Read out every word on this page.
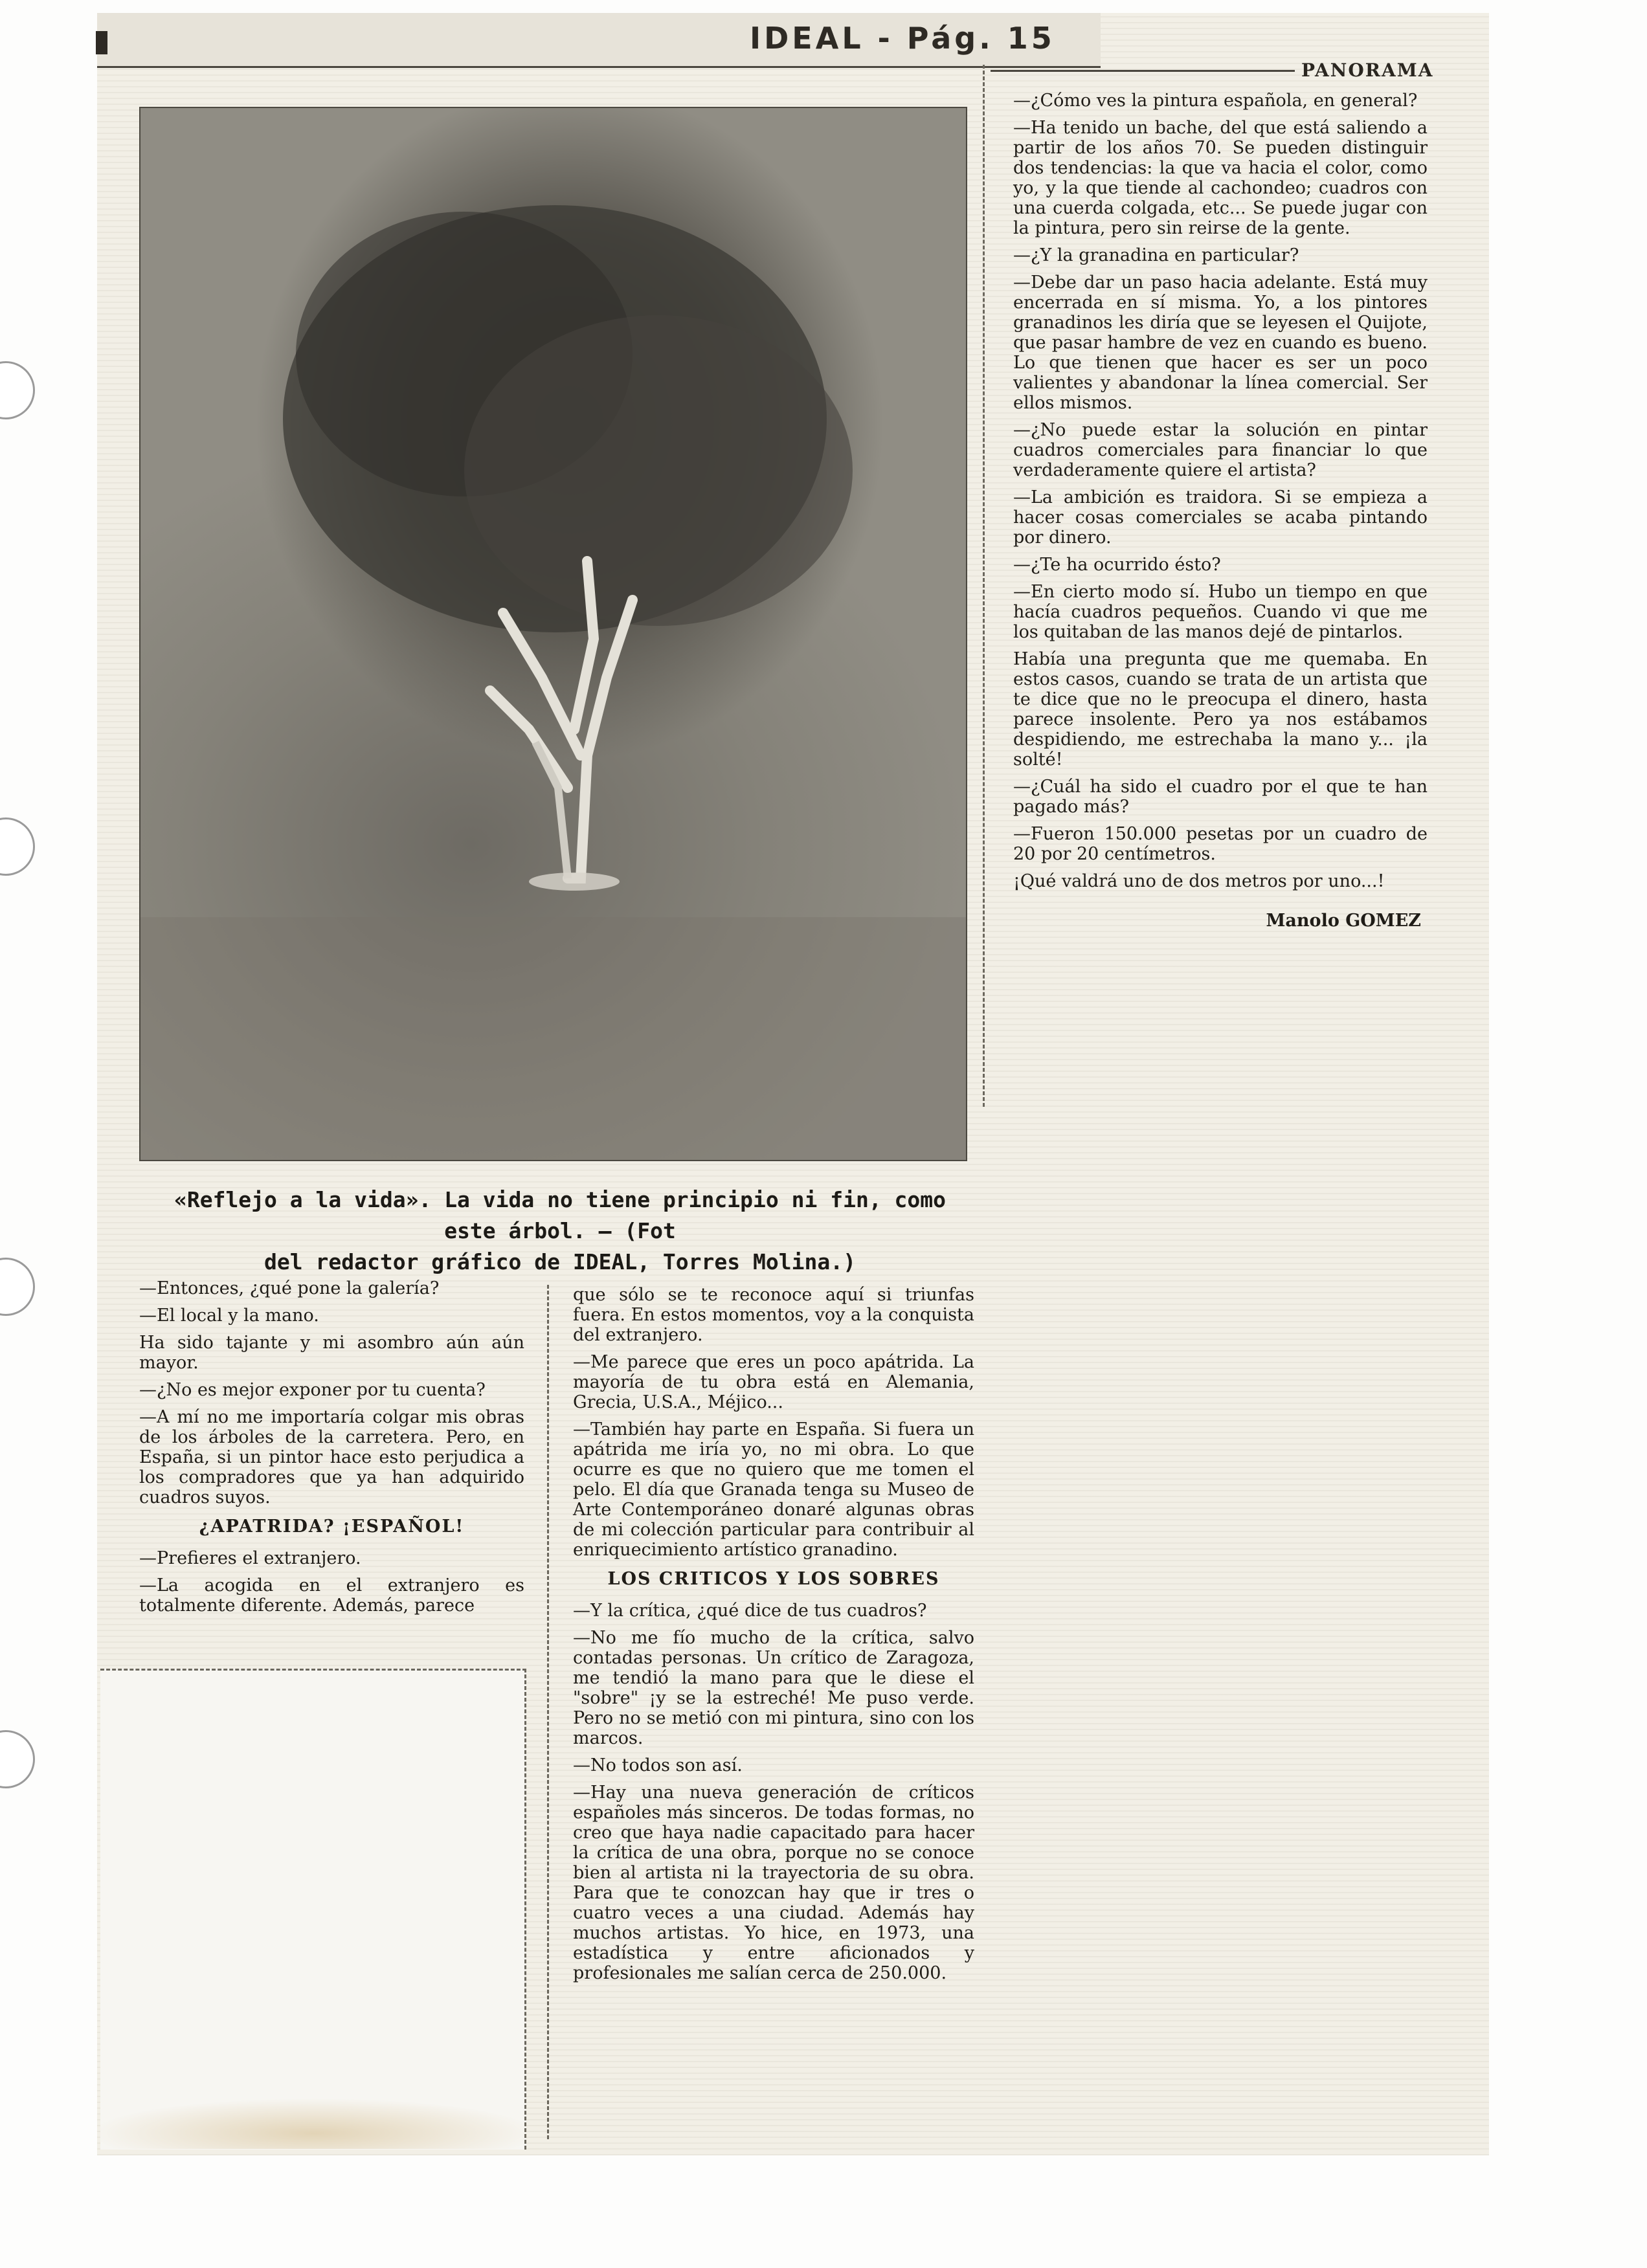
IDEAL - Pág. 15
PANORAMA
«Reflejo a la vida». La vida no tiene principio ni fin, como este árbol. — (Fot
del redactor gráfico de IDEAL, Torres Molina.)

—¿Cómo ves la pintura española, en general?

—Ha tenido un bache, del que está saliendo a partir de los años 70. Se pueden distinguir dos tendencias: la que va hacia el color, como yo, y la que tiende al cachondeo; cuadros con una cuerda colgada, etc... Se puede jugar con la pintura, pero sin reirse de la gente.

—¿Y la granadina en particular?

—Debe dar un paso hacia adelante. Está muy encerrada en sí misma. Yo, a los pintores granadinos les diría que se leyesen el Quijote, que pasar hambre de vez en cuando es bueno. Lo que tienen que hacer es ser un poco valientes y abandonar la línea comercial. Ser ellos mismos.

—¿No puede estar la solución en pintar cuadros comerciales para financiar lo que verdaderamente quiere el artista?

—La ambición es traidora. Si se empieza a hacer cosas comerciales se acaba pintando por dinero.

—¿Te ha ocurrido ésto?

—En cierto modo sí. Hubo un tiempo en que hacía cuadros pequeños. Cuando vi que me los quitaban de las manos dejé de pintarlos.

Había una pregunta que me quemaba. En estos casos, cuando se trata de un artista que te dice que no le preocupa el dinero, hasta parece insolente. Pero ya nos estábamos despidiendo, me estrechaba la mano y... ¡la solté!

—¿Cuál ha sido el cuadro por el que te han pagado más?

—Fueron 150.000 pesetas por un cuadro de 20 por 20 centímetros.

¡Qué valdrá uno de dos metros por uno...!

Manolo GOMEZ

—Entonces, ¿qué pone la galería?

—El local y la mano.

Ha sido tajante y mi asombro aún aún mayor.

—¿No es mejor exponer por tu cuenta?

—A mí no me importaría colgar mis obras de los árboles de la carretera. Pero, en España, si un pintor hace esto perjudica a los compradores que ya han adquirido cuadros suyos.

¿APATRIDA? ¡ESPAÑOL!

—Prefieres el extranjero.

—La acogida en el extranjero es totalmente diferente. Además, parece

que sólo se te reconoce aquí si triunfas fuera. En estos momentos, voy a la conquista del extranjero.

—Me parece que eres un poco apátrida. La mayoría de tu obra está en Alemania, Grecia, U.S.A., Méjico...

—También hay parte en España. Si fuera un apátrida me iría yo, no mi obra. Lo que ocurre es que no quiero que me tomen el pelo. El día que Granada tenga su Museo de Arte Contemporáneo donaré algunas obras de mi colección particular para contribuir al enriquecimiento artístico granadino.

LOS CRITICOS Y LOS SOBRES

—Y la crítica, ¿qué dice de tus cuadros?

—No me fío mucho de la crítica, salvo contadas personas. Un crítico de Zaragoza, me tendió la mano para que le diese el "sobre" ¡y se la estreché! Me puso verde. Pero no se metió con mi pintura, sino con los marcos.

—No todos son así.

—Hay una nueva generación de críticos españoles más sinceros. De todas formas, no creo que haya nadie capacitado para hacer la crítica de una obra, porque no se conoce bien al artista ni la trayectoria de su obra. Para que te conozcan hay que ir tres o cuatro veces a una ciudad. Además hay muchos artistas. Yo hice, en 1973, una estadística y entre aficionados y profesionales me salían cerca de 250.000.
